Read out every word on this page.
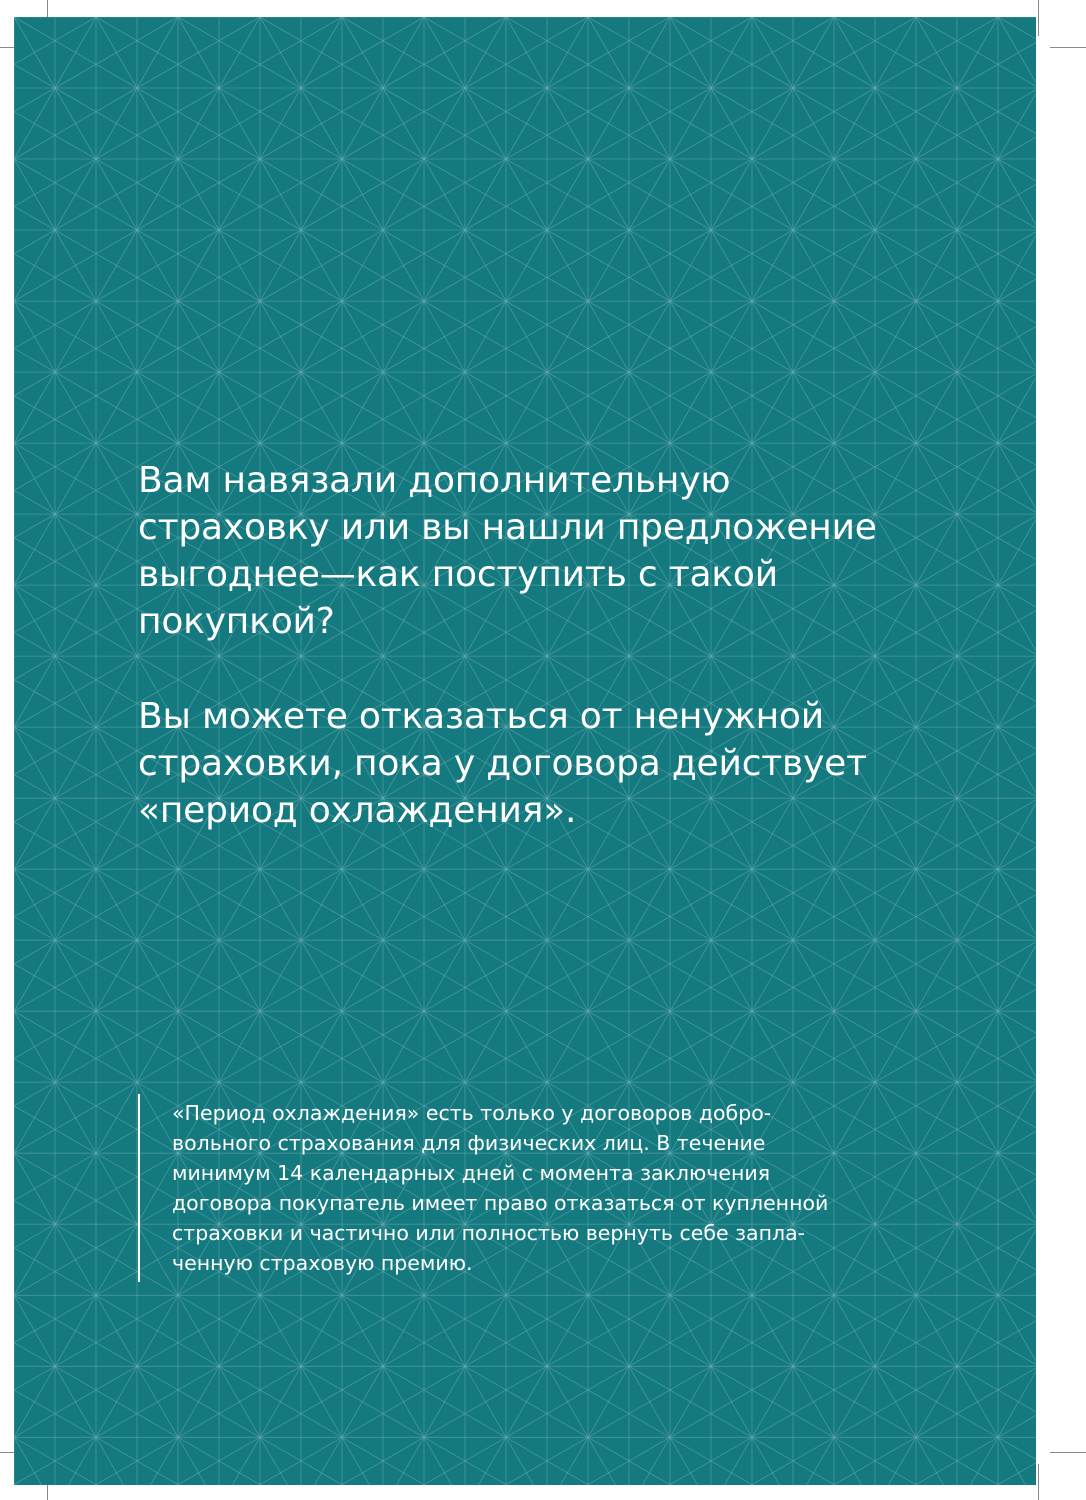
Вам навязали дополнительную
страховку или вы нашли предложение
выгоднее—как поступить с такой
покупкой?
Вы можете отказаться от ненужной
страховки, пока у договора действует
«период охлаждения».
«Период охлаждения» есть только у договоров добро-
вольного страхования для физических лиц. В течение
минимум 14 календарных дней с момента заключения
договора покупатель имеет право отказаться от купленной
страховки и частично или полностью вернуть себе запла-
ченную страховую премию.
